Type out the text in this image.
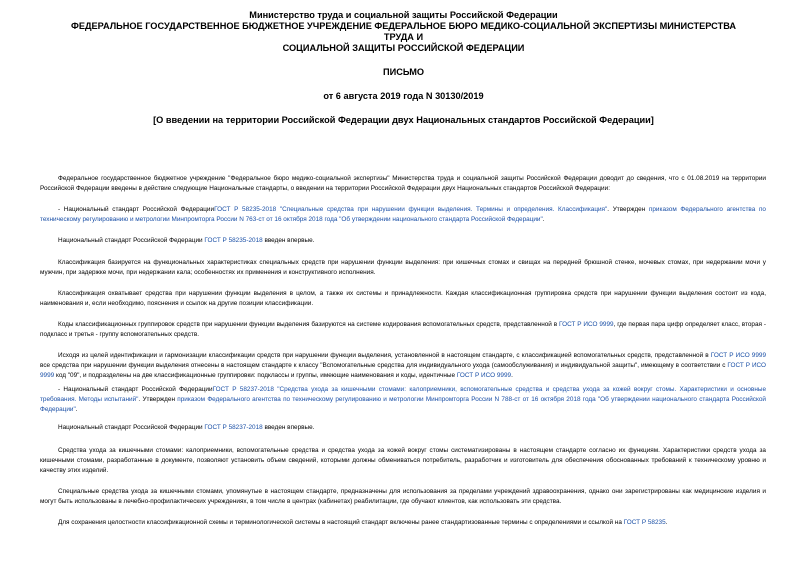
Министерство труда и социальной защиты Российской Федерации
ФЕДЕРАЛЬНОЕ ГОСУДАРСТВЕННОЕ БЮДЖЕТНОЕ УЧРЕЖДЕНИЕ ФЕДЕРАЛЬНОЕ БЮРО МЕДИКО-СОЦИАЛЬНОЙ ЭКСПЕРТИЗЫ МИНИСТЕРСТВА ТРУДА И
СОЦИАЛЬНОЙ ЗАЩИТЫ РОССИЙСКОЙ ФЕДЕРАЦИИ
ПИСЬМО
от 6 августа 2019 года N 30130/2019
[О введении на территории Российской Федерации двух Национальных стандартов Российской Федерации]

Федеральное государственное бюджетное учреждение "Федеральное бюро медико-социальной экспертизы" Министерства труда и социальной защиты Российской Федерации доводит до сведения, что с 01.08.2019 на территории Российской Федерации введены в действие следующие Национальные стандарты, о введении на территории Российской Федерации двух Национальных стандартов Российской Федерации:

- Национальный стандарт Российской ФедерацииГОСТ Р 58235-2018 "Специальные средства при нарушении функции выделения. Термины и определения. Классификация". Утвержден приказом Федерального агентства по техническому регулированию и метрологии Минпромторга России N 763-ст от 16 октября 2018 года "Об утверждении национального стандарта Российской Федерации".

Национальный стандарт Российской Федерации ГОСТ Р 58235-2018 введен впервые.

Классификация базируется на функциональных характеристиках специальных средств при нарушении функции выделения: при кишечных стомах и свищах на передней брюшной стенке, мочевых стомах, при недержании мочи у мужчин, при задержке мочи, при недержании кала; особенностях их применения и конструктивного исполнения.

Классификация охватывает средства при нарушении функции выделения в целом, а также их системы и принадлежности. Каждая классификационная группировка средств при нарушении функции выделения состоит из кода, наименования и, если необходимо, пояснения и ссылок на другие позиции классификации.

Коды классификационных группировок средств при нарушении функции выделения базируются на системе кодирования вспомогательных средств, представленной в ГОСТ Р ИСО 9999, где первая пара цифр определяет класс, вторая - подкласс и третья - группу вспомогательных средств.

Исходя из целей идентификации и гармонизации классификации средств при нарушении функции выделения, установленной в настоящем стандарте, с классификацией вспомогательных средств, представленной в ГОСТ Р ИСО 9999 все средства при нарушении функции выделения отнесены в настоящем стандарте к классу "Вспомогательные средства для индивидуального ухода (самообслуживания) и индивидуальной защиты", имеющему в соответствии с ГОСТ Р ИСО 9999 код "09", и подразделены на две классификационные группировки: подклассы и группы, имеющие наименования и коды, идентичные ГОСТ Р ИСО 9999.

- Национальный стандарт Российской ФедерацииГОСТ Р 58237-2018 "Средства ухода за кишечными стомами: калоприемники, вспомогательные средства и средства ухода за кожей вокруг стомы. Характеристики и основные требования. Методы испытаний". Утвержден приказом Федерального агентства по техническому регулированию и метрологии Минпромторга России N 788-ст от 16 октября 2018 года "Об утверждении национального стандарта Российской Федерации".

Национальный стандарт Российской Федерации ГОСТ Р 58237-2018 введен впервые.

Средства ухода за кишечными стомами: калоприемники, вспомогательные средства и средства ухода за кожей вокруг стомы систематизированы в настоящем стандарте согласно их функциям. Характеристики средств ухода за кишечными стомами, разработанные в документе, позволяют установить объем сведений, которыми должны обмениваться потребитель, разработчик и изготовитель для обеспечения обоснованных требований к техническому уровню и качеству этих изделий.

Специальные средства ухода за кишечными стомами, упомянутые в настоящем стандарте, предназначены для использования за пределами учреждений здравоохранения, однако они зарегистрированы как медицинские изделия и могут быть использованы в лечебно-профилактических учреждениях, в том числе в центрах (кабинетах) реабилитации, где обучают клиентов, как использовать эти средства.

Для сохранения целостности классификационной схемы и терминологической системы в настоящий стандарт включены ранее стандартизованные термины с определениями и ссылкой на ГОСТ Р 58235.
